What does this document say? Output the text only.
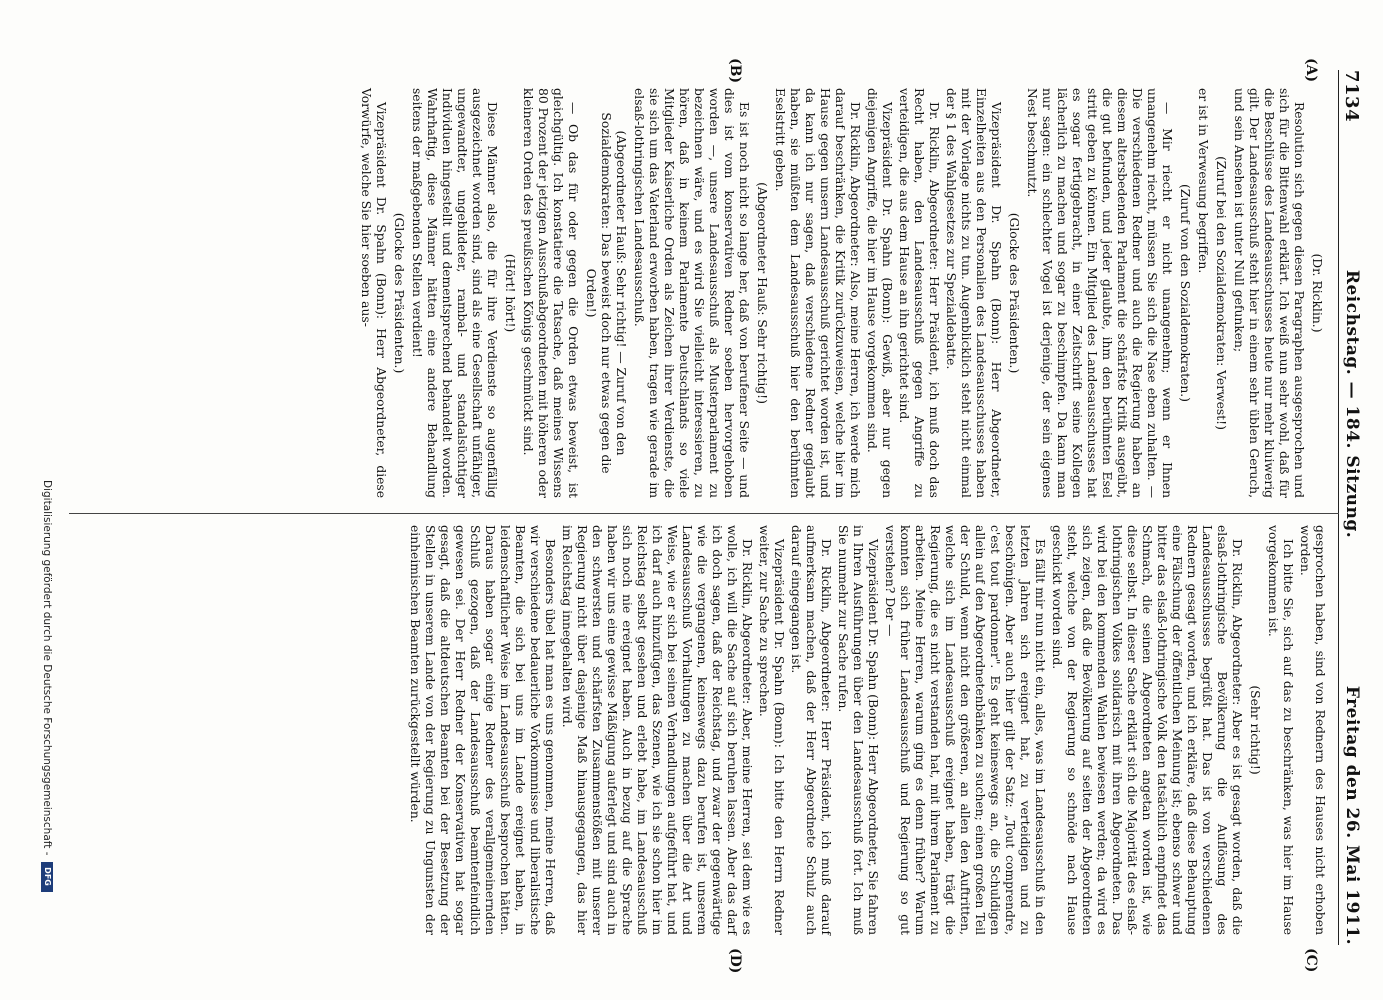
7134
Reichstag. — 184. Sitzung.
Freitag den 26. Mai 1911.
(A)
(B)
(C)
(D)

(Dr. Ricklin.)

Resolution sich gegen diesen Paragraphen ausgesprochen und sich für die Bittenwahl erklärt. Ich weiß nun sehr wohl, daß für die Beschlüsse des Landesausschusses heute nur mehr kluiwerig gilt. Der Landesausschuß steht hier in einem sehr üblen Geruch, und sein Ansehen ist unter Null gefunken;

(Zuruf bei den Sozialdemokraten: Verwest!)

er ist in Verwesung begriffen.

(Zuruf von den Sozialdemokraten.)

— Mir riecht er nicht unangenehm; wenn er Ihnen unangenehm riecht, müssen Sie sich die Nase eben zuhalten. — Die verschiedenen Redner und auch die Regierung haben an diesem altersbedenden Parlament die schärfste Kritik ausgeübt, die gut befunden, und jeder glaubte, ihm den berühmten Esel stritt geben zu können. Ein Mitglied des Landesausschusses hat es sogar fertiggebracht, in einer Zeitschrift seine Kollegen lächerlich zu machen und sogar zu beschimpfen. Da kann man nur sagen: ein schlechter Vogel ist derjenige, der sein eigenes Nest beschmutzt.

(Glocke des Präsidenten.)

Vizepräsident Dr. Spahn (Bonn): Herr Abgeordneter, Einzelheiten aus den Personalien des Landesausschusses haben mit der Vorlage nichts zu tun. Augenblicklich steht nicht einmal der § 1 des Wahlgesetzes zur Spezialdebatte.

Dr. Ricklin, Abgeordneter: Herr Präsident, ich muß doch das Recht haben, den Landesausschuß gegen Angriffe zu verteidigen, die aus dem Hause an ihn gerichtet sind.

Vizepräsident Dr. Spahn (Bonn): Gewiß, aber nur gegen diejenigen Angriffe, die hier im Hause vorgekommen sind.

Dr. Ricklin, Abgeordneter: Also, meine Herren, ich werde mich darauf beschränken, die Kritik zurückzuweisen, welche hier im Hause gegen unsern Landesausschuß gerichtet worden ist, und da kann ich nur sagen, daß verschiedene Redner geglaubt haben, sie müßten dem Landesausschuß hier den berühmten Eselstritt geben.

(Abgeordneter Hauß: Sehr richtig!)

Es ist noch nicht so lange her, daß von berufener Seite — und dies ist vom konservativen Redner soeben hervorgehoben worden —, unsere Landesausschuß als Musterparlament zu bezeichnen wäre, und es wird Sie vielleicht interessieren, zu hören, daß in keinem Parlamente Deutschlands so viele Mitglieder Kaiserliche Orden als Zeichen ihrer Verdienste, die sie sich um das Vaterland erworben haben, tragen wie gerade im elsaß-lothringischen Landesausschuß.

(Abgeordneter Hauß: Sehr richtig! — Zuruf von den Sozialdemokraten: Das beweist doch nur etwas gegen die Orden!)

— Ob das für oder gegen die Orden etwas beweist, ist gleichgültig. Ich konstatiere die Tatsache, daß meines Wissens 80 Prozent der jetzigen Ausschußabgeordneten mit höheren oder kleineren Orden des preußischen Königs geschmückt sind.

(Hört! hört!)

Diese Männer also, die für ihre Verdienste so augenfällig ausgezeichnet worden sind, sind als eine Gesellschaft unfähiger, ungewandter, ungebildeter, rambal- und standalsüchtiger Individuen hingestellt und dementsprechend behandelt worden. Wahrhaftig, diese Männer hätten eine andere Behandlung seitens der maßgebenden Stellen verdient!

(Glocke des Präsidenten.)

Vizepräsident Dr. Spahn (Bonn): Herr Abgeordneter, diese Vorwürfe, welche Sie hier soeben aus-

gesprochen haben, sind von Rednern des Hauses nicht erhoben worden.

Ich bitte Sie, sich auf das zu beschränken, was hier im Hause vorgekommen ist.

(Sehr richtig!)

Dr. Ricklin, Abgeordneter: Aber es ist gesagt worden, daß die elsaß-lothringische Bevölkerung die Auflösung des Landesausschusses begrüßt hat. Das ist von verschiedenen Rednern gesagt worden, und ich erkläre, daß diese Behauptung eine Fälschung der öffentlichen Meinung ist; ebenso schwer und bitter das elsaß-lothringische Volk den tatsächlich empfindet das Schmach, die seinen Abgeordneten angetan worden ist, wie diese selbst. In dieser Sache erklärt sich die Majorität des elsaß-lothringischen Volkes solidarisch mit ihren Abgeordneten. Das wird bei den kommenden Wahlen bewiesen werden; da wird es sich zeigen, daß die Bevölkerung auf seiten der Abgeordneten steht, welche von der Regierung so schnöde nach Hause geschickt worden sind.

Es fällt mir nun nicht ein, alles, was im Landesausschuß in den letzten Jahren sich ereignet hat, zu verteidigen und zu beschönigen. Aber auch hier gilt der Satz: „Tout comprendre, c'est tout pardonner". Es geht keineswegs an, die Schuldigen allein auf den Abgeordnetenbänken zu suchen; einen großen Teil der Schuld, wenn nicht den größeren, an allen den Auftritten, welche sich im Landesausschuß ereignet haben, trägt die Regierung, die es nicht verstanden hat, mit ihrem Parlament zu arbeiten. Meine Herren, warum ging es denn früher? Warum konnten sich früher Landesausschuß und Regierung so gut verstehen? Der —

Vizepräsident Dr. Spahn (Bonn): Herr Abgeordneter, Sie fahren in Ihren Ausführungen über den Landesausschuß fort. Ich muß Sie nunmehr zur Sache rufen.

Dr. Ricklin, Abgeordneter: Herr Präsident, ich muß darauf aufmerksam machen, daß der Herr Abgeordnete Schulz auch darauf eingegangen ist.

Vizepräsident Dr. Spahn (Bonn): Ich bitte den Herrn Redner weiter, zur Sache zu sprechen.

Dr. Ricklin, Abgeordneter: Aber, meine Herren, sei dem wie es wolle, ich will die Sache auf sich beruhen lassen. Aber das darf ich doch sagen, daß der Reichstag, und zwar der gegenwärtige wie die vergangenen, keineswegs dazu berufen ist, unserem Landesausschuß Vorhaltungen zu machen über die Art und Weise, wie er sich bei seinen Verhandlungen aufgeführt hat, und ich darf auch hinzufügen, das Szenen, wie ich sie schon hier im Reichstag selbst gesehen und erlebt habe, im Landesausschuß sich noch nie ereignet haben. Auch in bezug auf die Sprache haben wir uns eine gewisse Mäßigung auferlegt und sind auch in den schwersten und schärfsten Zusammenstößen mit unserer Regierung nicht über dasjenige Maß hinausgegangen, das hier im Reichstag innegehalten wird.

Besonders übel hat man es uns genommen, meine Herren, daß wir verschiedene bedauerliche Vorkommnisse und liberalistische Beamten, die sich bei uns im Lande ereignet haben, in leidenschaftlicher Weise im Landesausschuß besprochen hätten. Daraus haben sogar einige Redner des verallgemeinernden Schluß gezogen, daß der Landesausschuß beamtenfeindlich gewesen sei. Der Herr Redner der Konservativen hat sogar gesagt, daß die altdeutschen Beamten bei der Besetzung der Stellen in unserem Lande von der Regierung zu Ungunsten der einheimischen Beamten zurückgestellt würden.

Digitalisierung gefördert durch die Deutsche Forschungsgemeinschaft -
DFG
